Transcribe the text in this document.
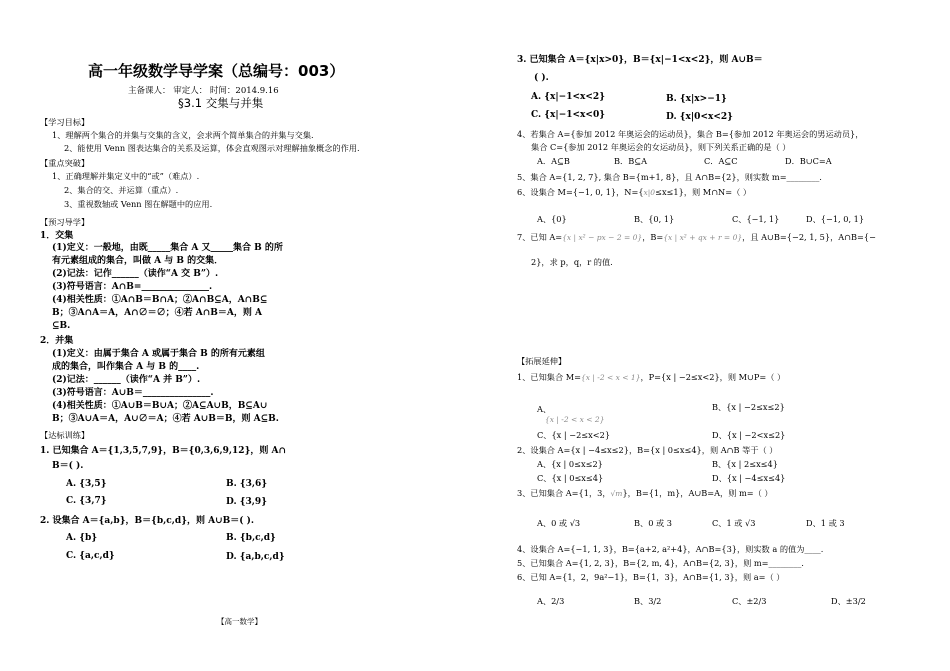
高一年级数学导学案（总编号：003）
主备课人： 审定人： 时间：2014.9.16
§3.1 交集与并集
【学习目标】
1、理解两个集合的并集与交集的含义，会求两个简单集合的并集与交集.
2、能使用 Venn 图表达集合的关系及运算，体会直观图示对理解抽象概念的作用.
【重点突破】
1、正确理解并集定义中的“或”（难点）.
2、集合的交、并运算（重点）.
3、重视数轴或 Venn 图在解题中的应用.
【预习导学】
1．交集
(1)定义：一般地，由既_____集合 A 又_____集合 B 的所
有元素组成的集合，叫做 A 与 B 的交集．
(2)记法：记作______（读作“A 交 B”）.
(3)符号语言：A∩B=_______________.
(4)相关性质：①A∩B＝B∩A；②A∩B⊆A，A∩B⊆
B；③A∩A＝A，A∩∅＝∅；④若 A∩B＝A，则 A
⊆B.
2．并集
(1)定义：由属于集合 A 或属于集合 B 的所有元素组
成的集合，叫作集合 A 与 B 的____.
(2)记法：______（读作“A 并 B”）.
(3)符号语言：A∪B＝_______________.
(4)相关性质：①A∪B＝B∪A；②A⊆A∪B，B⊆A∪
B；③A∪A＝A，A∪∅＝A；④若 A∪B＝B，则 A⊆B.
【达标训练】
1. 已知集合 A＝{1,3,5,7,9}，B＝{0,3,6,9,12}，则 A∩
B＝( ).
A. {3,5}	B. {3,6}
C. {3,7}	D. {3,9}
2. 设集合 A＝{a,b}，B＝{b,c,d}，则 A∪B＝( ).
A. {b}	B. {b,c,d}
C. {a,c,d}	D. {a,b,c,d}
【高一数学】
3. 已知集合 A＝{x|x>0}，B＝{x|−1<x<2}，则 A∪B＝
( ).
A. {x|−1<x<2}	B. {x|x>−1}
C. {x|−1<x<0}	D. {x|0<x<2}
4、若集合 A={参加 2012 年奥运会的运动员}，集合 B={参加 2012 年奥运会的男运动员}，
集合 C={参加 2012 年奥运会的女运动员}，则下列关系正确的是（ ）
A．A⊆B	B．B⊆A	C．A⊆C	D．B∪C=A
5、集合 A={1, 2, 7}, 集合 B={m+1, 8}，且 A∩B={2}，则实数 m=________.
6、设集合 M={−1, 0, 1}，N={x|0≤x≤1}，则 M∩N=（ ）
A、{0}	B、{0, 1}	C、{−1, 1}	D、{−1, 0, 1}
7、已知 A={x | x² − px − 2 = 0}，B={x | x² + qx + r = 0}，且 A∪B={−2, 1, 5}，A∩B={−
2}，求 p，q，r 的值.
【拓展延伸】
1、已知集合 M={x | -2 < x < 1}，P={x | −2≤x<2}，则 M∪P=（ ）
A、
{x | -2 < x < 2}
B、{x | −2≤x≤2}
C、{x | −2≤x<2}	D、{x | −2<x≤2}
2、设集合 A={x | −4≤x≤2}，B={x | 0≤x≤4}，则 A∩B 等于（ ）
A、{x | 0≤x≤2}	B、{x | 2≤x≤4}
C、{x | 0≤x≤4}	D、{x | −4≤x≤4}
3、已知集合 A={1，3，√m}，B={1，m}，A∪B=A，则 m=（ ）
A、0 或 √3	B、0 或 3	C、1 或 √3	D、1 或 3
4、设集合 A={−1, 1, 3}，B={a+2, a²+4}，A∩B={3}，则实数 a 的值为____.
5、已知集合 A={1, 2, 3}，B={2, m, 4}，A∩B={2, 3}，则 m=________.
6、已知 A={1，2，9a²−1}，B={1，3}，A∩B={1, 3}，则 a=（ ）
A、2/3	B、3/2	C、±2/3	D、±3/2
